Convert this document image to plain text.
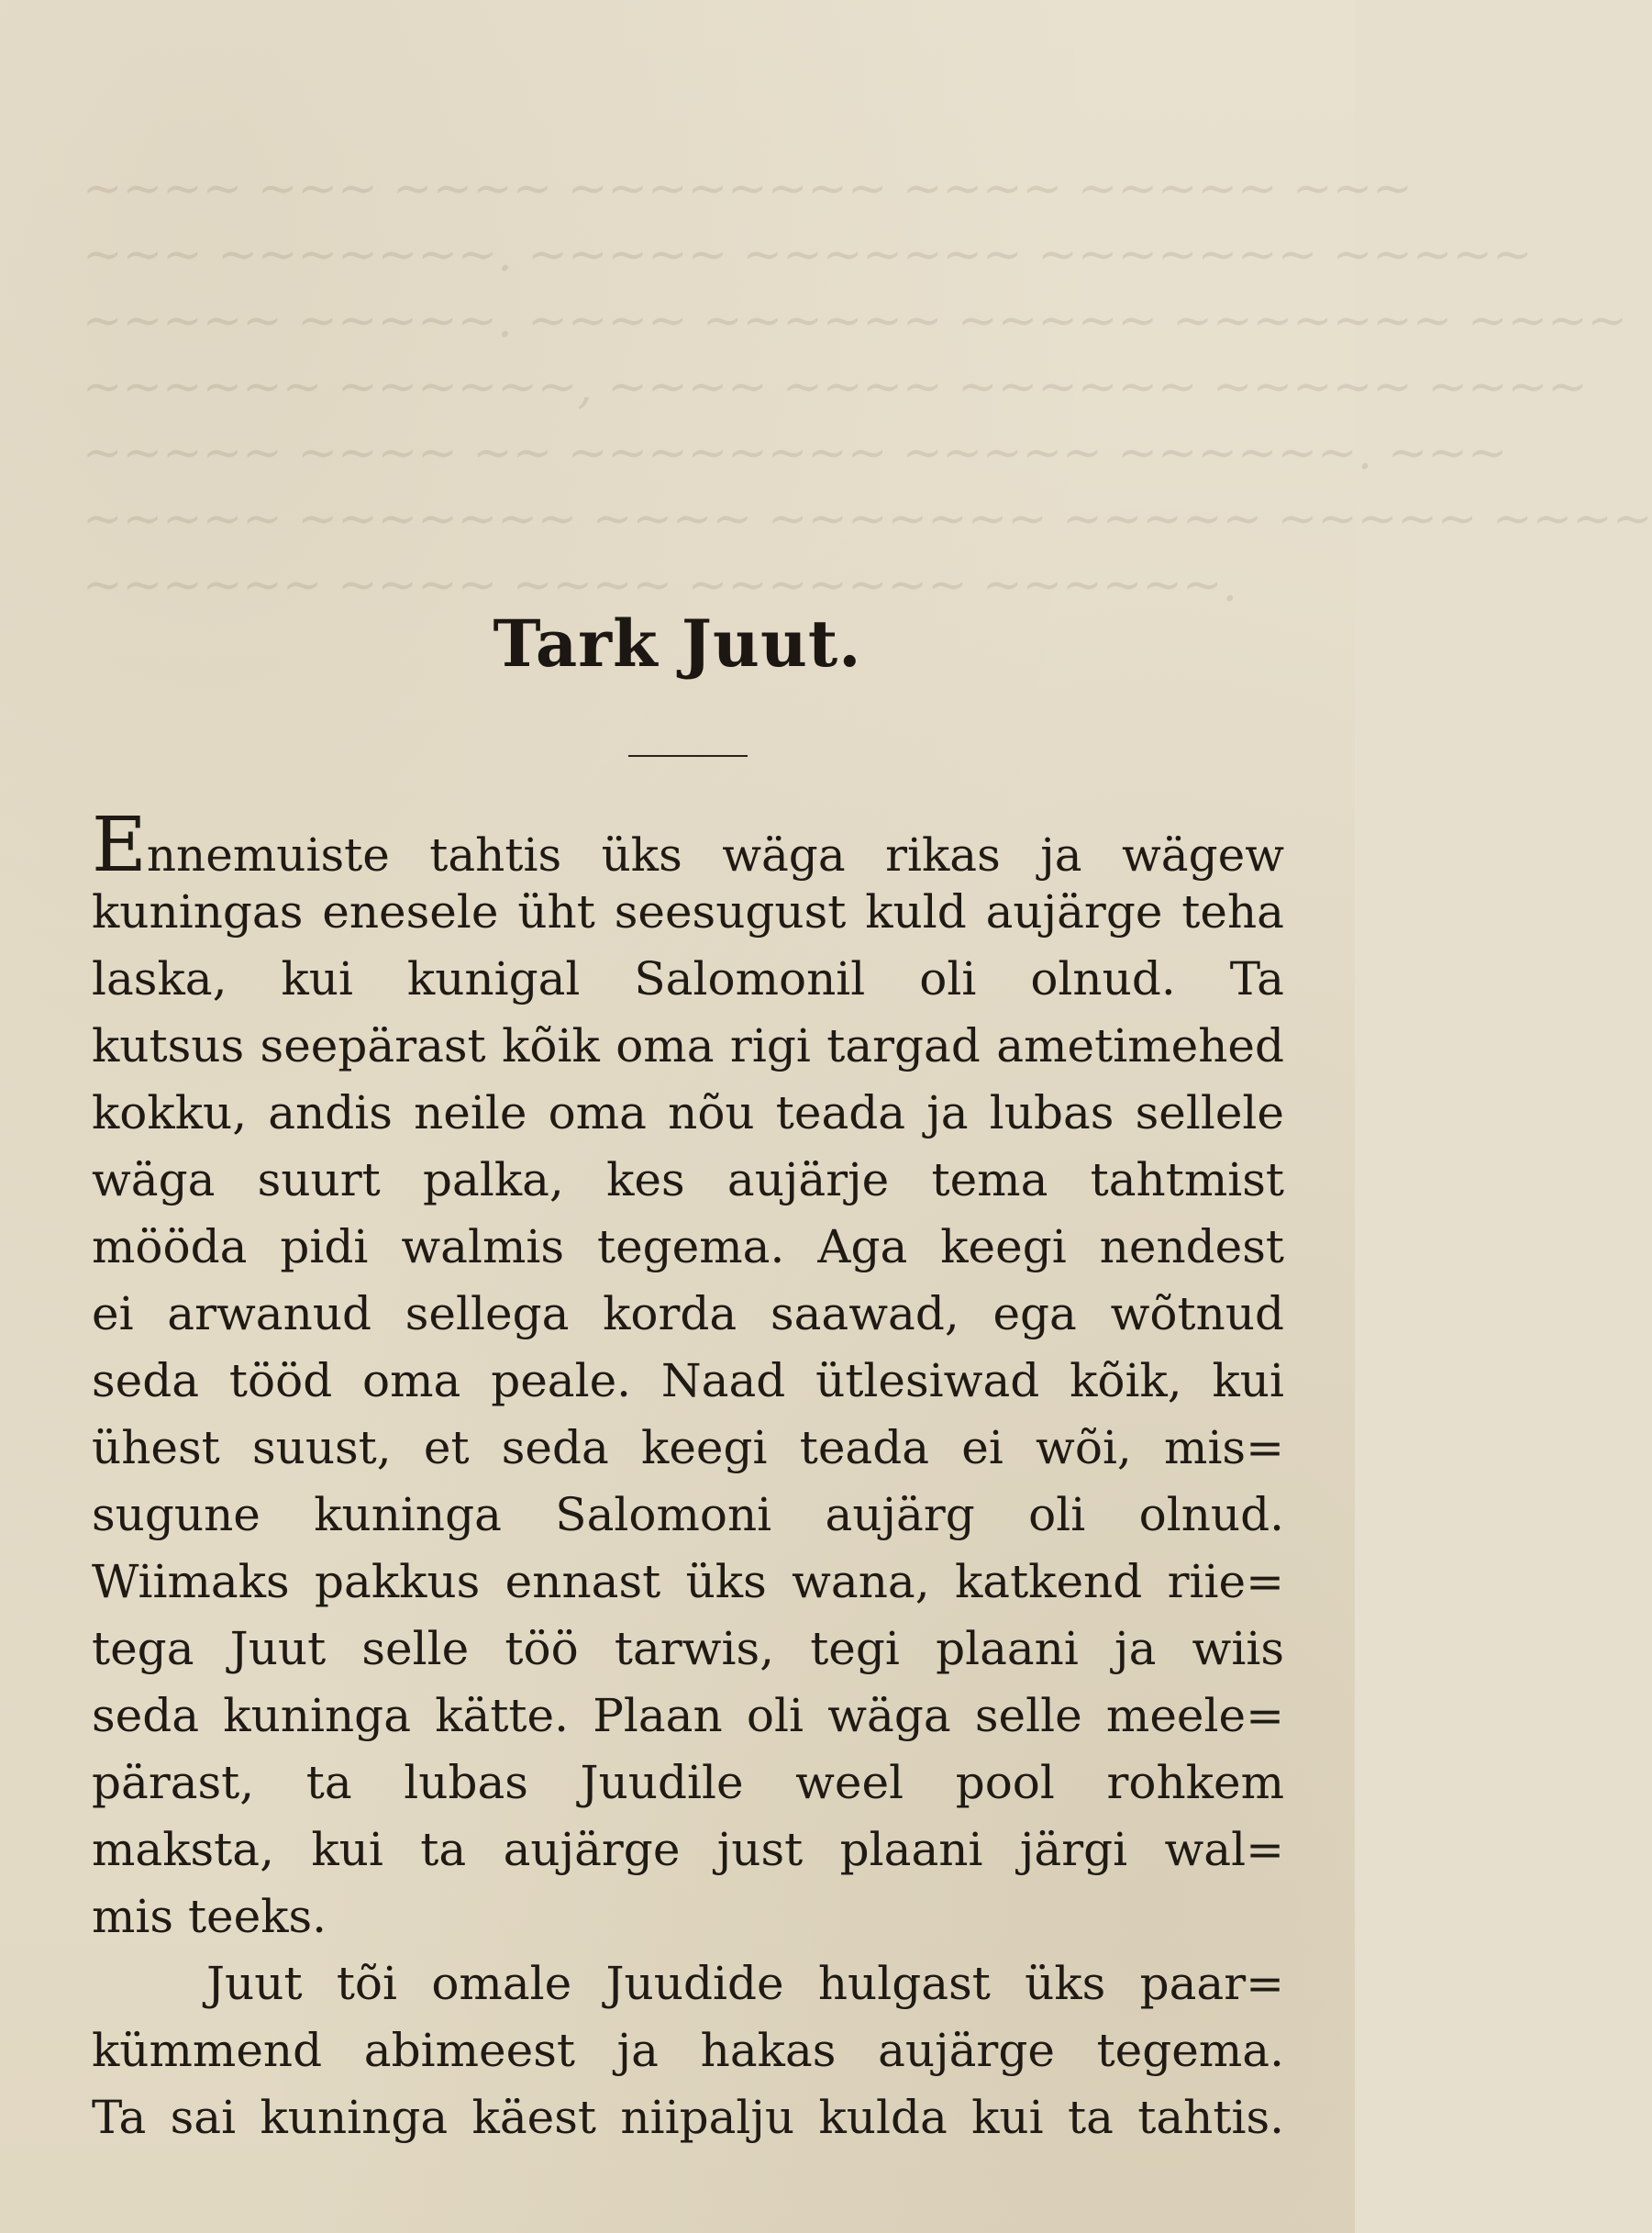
~~~~ ~~~ ~~~~ ~~~~~~~~ ~~~~ ~~~~~ ~~~
~~~ ~~~~~~~. ~~~~~ ~~~~~~~ ~~~~~~~ ~~~~~
~~~~~ ~~~~~. ~~~~ ~~~~~~ ~~~~~ ~~~~~~~ ~~~~
~~~~~~ ~~~~~~, ~~~~ ~~~~ ~~~~~~ ~~~~~ ~~~~
~~~~~ ~~~~ ~~ ~~~~~~~~ ~~~~~ ~~~~~~. ~~~
~~~~~ ~~~~~~~ ~~~~ ~~~~~~~ ~~~~~ ~~~~~ ~~~~
~~~~~~ ~~~~ ~~~~ ~~~~~~~ ~~~~~~.
Tark Juut.
Ennemuiste tahtis üks wäga rikas ja wägew
kuningas enesele üht seesugust kuld aujärge teha
laska, kui kunigal Salomonil oli olnud. Ta
kutsus seepärast kõik oma rigi targad ametimehed
kokku, andis neile oma nõu teada ja lubas sellele
wäga suurt palka, kes aujärje tema tahtmist
mööda pidi walmis tegema. Aga keegi nendest
ei arwanud sellega korda saawad, ega wõtnud
seda tööd oma peale. Naad ütlesiwad kõik, kui
ühest suust, et seda keegi teada ei wõi, mis=
sugune kuninga Salomoni aujärg oli olnud.
Wiimaks pakkus ennast üks wana, katkend riie=
tega Juut selle töö tarwis, tegi plaani ja wiis
seda kuninga kätte. Plaan oli wäga selle meele=
pärast, ta lubas Juudile weel pool rohkem
maksta, kui ta aujärge just plaani järgi wal=
mis teeks.
Juut tõi omale Juudide hulgast üks paar=
kümmend abimeest ja hakas aujärge tegema.
Ta sai kuninga käest niipalju kulda kui ta tahtis.
